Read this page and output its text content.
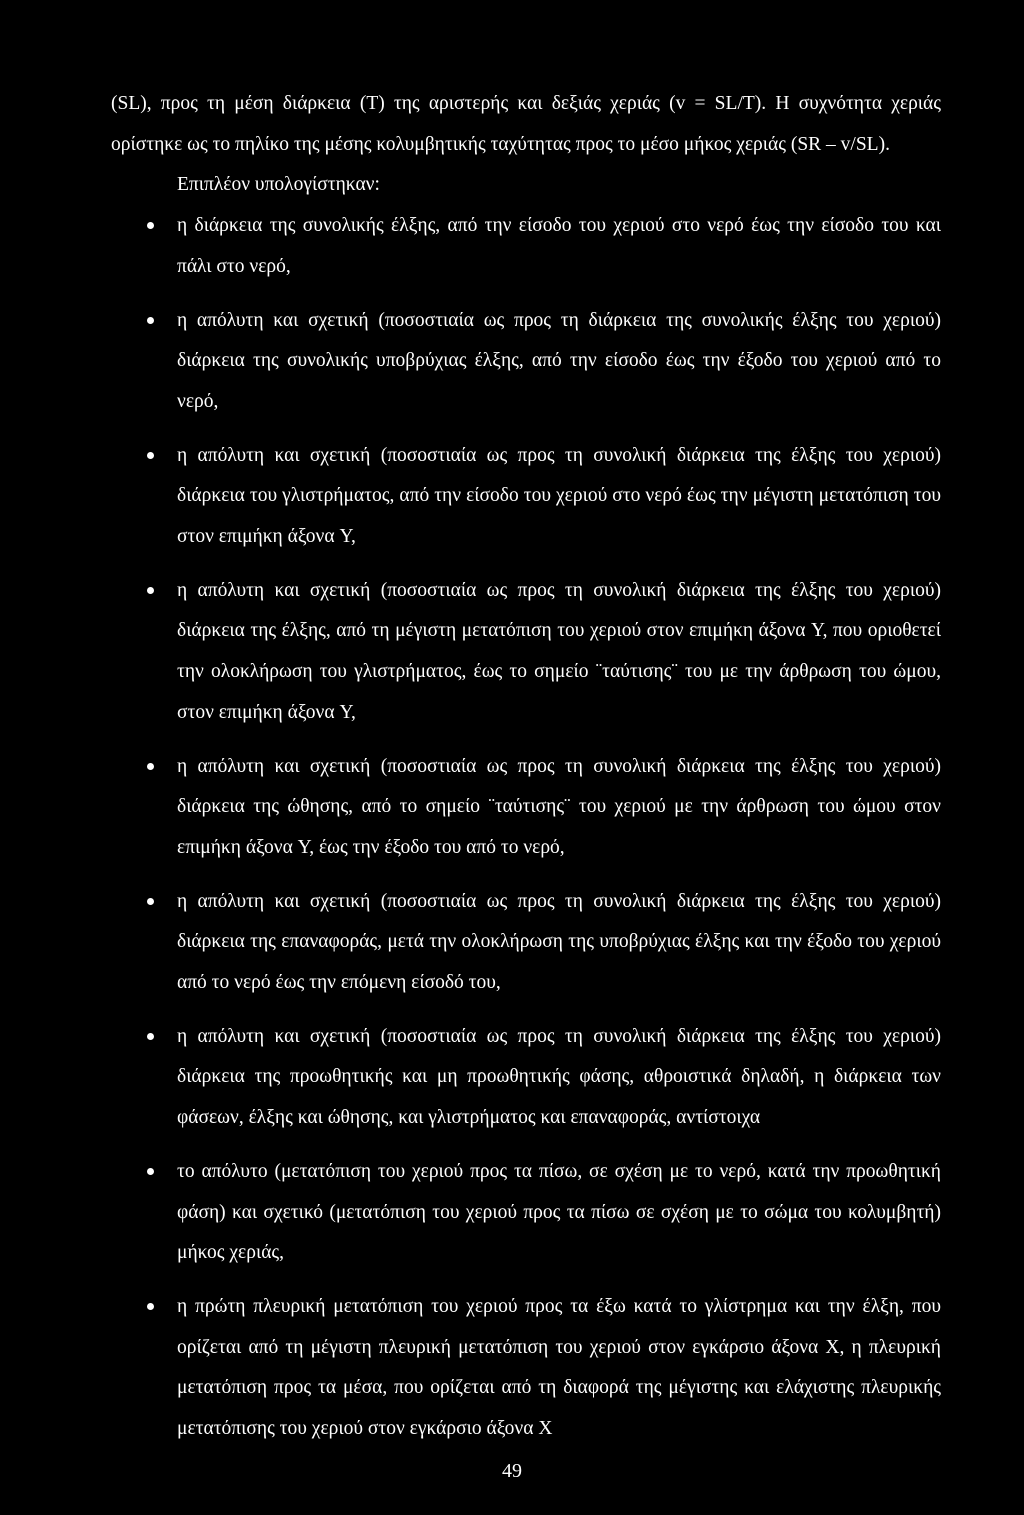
(SL), προς τη μέση διάρκεια (T) της αριστερής και δεξιάς χεριάς (v = SL/T). Η συχνότητα χεριάς ορίστηκε ως το πηλίκο της μέσης κολυμβητικής ταχύτητας προς το μέσο μήκος χεριάς (SR – v/SL).

Επιπλέον υπολογίστηκαν:

η διάρκεια της συνολικής έλξης, από την είσοδο του χεριού στο νερό έως την είσοδο του και πάλι στο νερό,
η απόλυτη και σχετική (ποσοστιαία ως προς τη διάρκεια της συνολικής έλξης του χεριού) διάρκεια της συνολικής υποβρύχιας έλξης, από την είσοδο έως την έξοδο του χεριού από το νερό,
η απόλυτη και σχετική (ποσοστιαία ως προς τη συνολική διάρκεια της έλξης του χεριού) διάρκεια του γλιστρήματος, από την είσοδο του χεριού στο νερό έως την μέγιστη μετατόπιση του στον επιμήκη άξονα Y,
η απόλυτη και σχετική (ποσοστιαία ως προς τη συνολική διάρκεια της έλξης του χεριού) διάρκεια της έλξης, από τη μέγιστη μετατόπιση του χεριού στον επιμήκη άξονα Y, που οριοθετεί την ολοκλήρωση του γλιστρήματος, έως το σημείο ¨ταύτισης¨ του με την άρθρωση του ώμου, στον επιμήκη άξονα Y,
η απόλυτη και σχετική (ποσοστιαία ως προς τη συνολική διάρκεια της έλξης του χεριού) διάρκεια της ώθησης, από το σημείο ¨ταύτισης¨ του χεριού με την άρθρωση του ώμου στον επιμήκη άξονα Y, έως την έξοδο του από το νερό,
η απόλυτη και σχετική (ποσοστιαία ως προς τη συνολική διάρκεια της έλξης του χεριού) διάρκεια της επαναφοράς, μετά την ολοκλήρωση της υποβρύχιας έλξης και την έξοδο του χεριού από το νερό έως την επόμενη είσοδό του,
η απόλυτη και σχετική (ποσοστιαία ως προς τη συνολική διάρκεια της έλξης του χεριού) διάρκεια της προωθητικής και μη προωθητικής φάσης, αθροιστικά δηλαδή, η διάρκεια των φάσεων, έλξης και ώθησης, και γλιστρήματος και επαναφοράς, αντίστοιχα
το απόλυτο (μετατόπιση του χεριού προς τα πίσω, σε σχέση με το νερό, κατά την προωθητική φάση) και σχετικό (μετατόπιση του χεριού προς τα πίσω σε σχέση με το σώμα του κολυμβητή) μήκος χεριάς,
η πρώτη πλευρική μετατόπιση του χεριού προς τα έξω κατά το γλίστρημα και την έλξη, που ορίζεται από τη μέγιστη πλευρική μετατόπιση του χεριού στον εγκάρσιο άξονα X, η πλευρική μετατόπιση προς τα μέσα, που ορίζεται από τη διαφορά της μέγιστης και ελάχιστης πλευρικής μετατόπισης του χεριού στον εγκάρσιο άξονα X
49
